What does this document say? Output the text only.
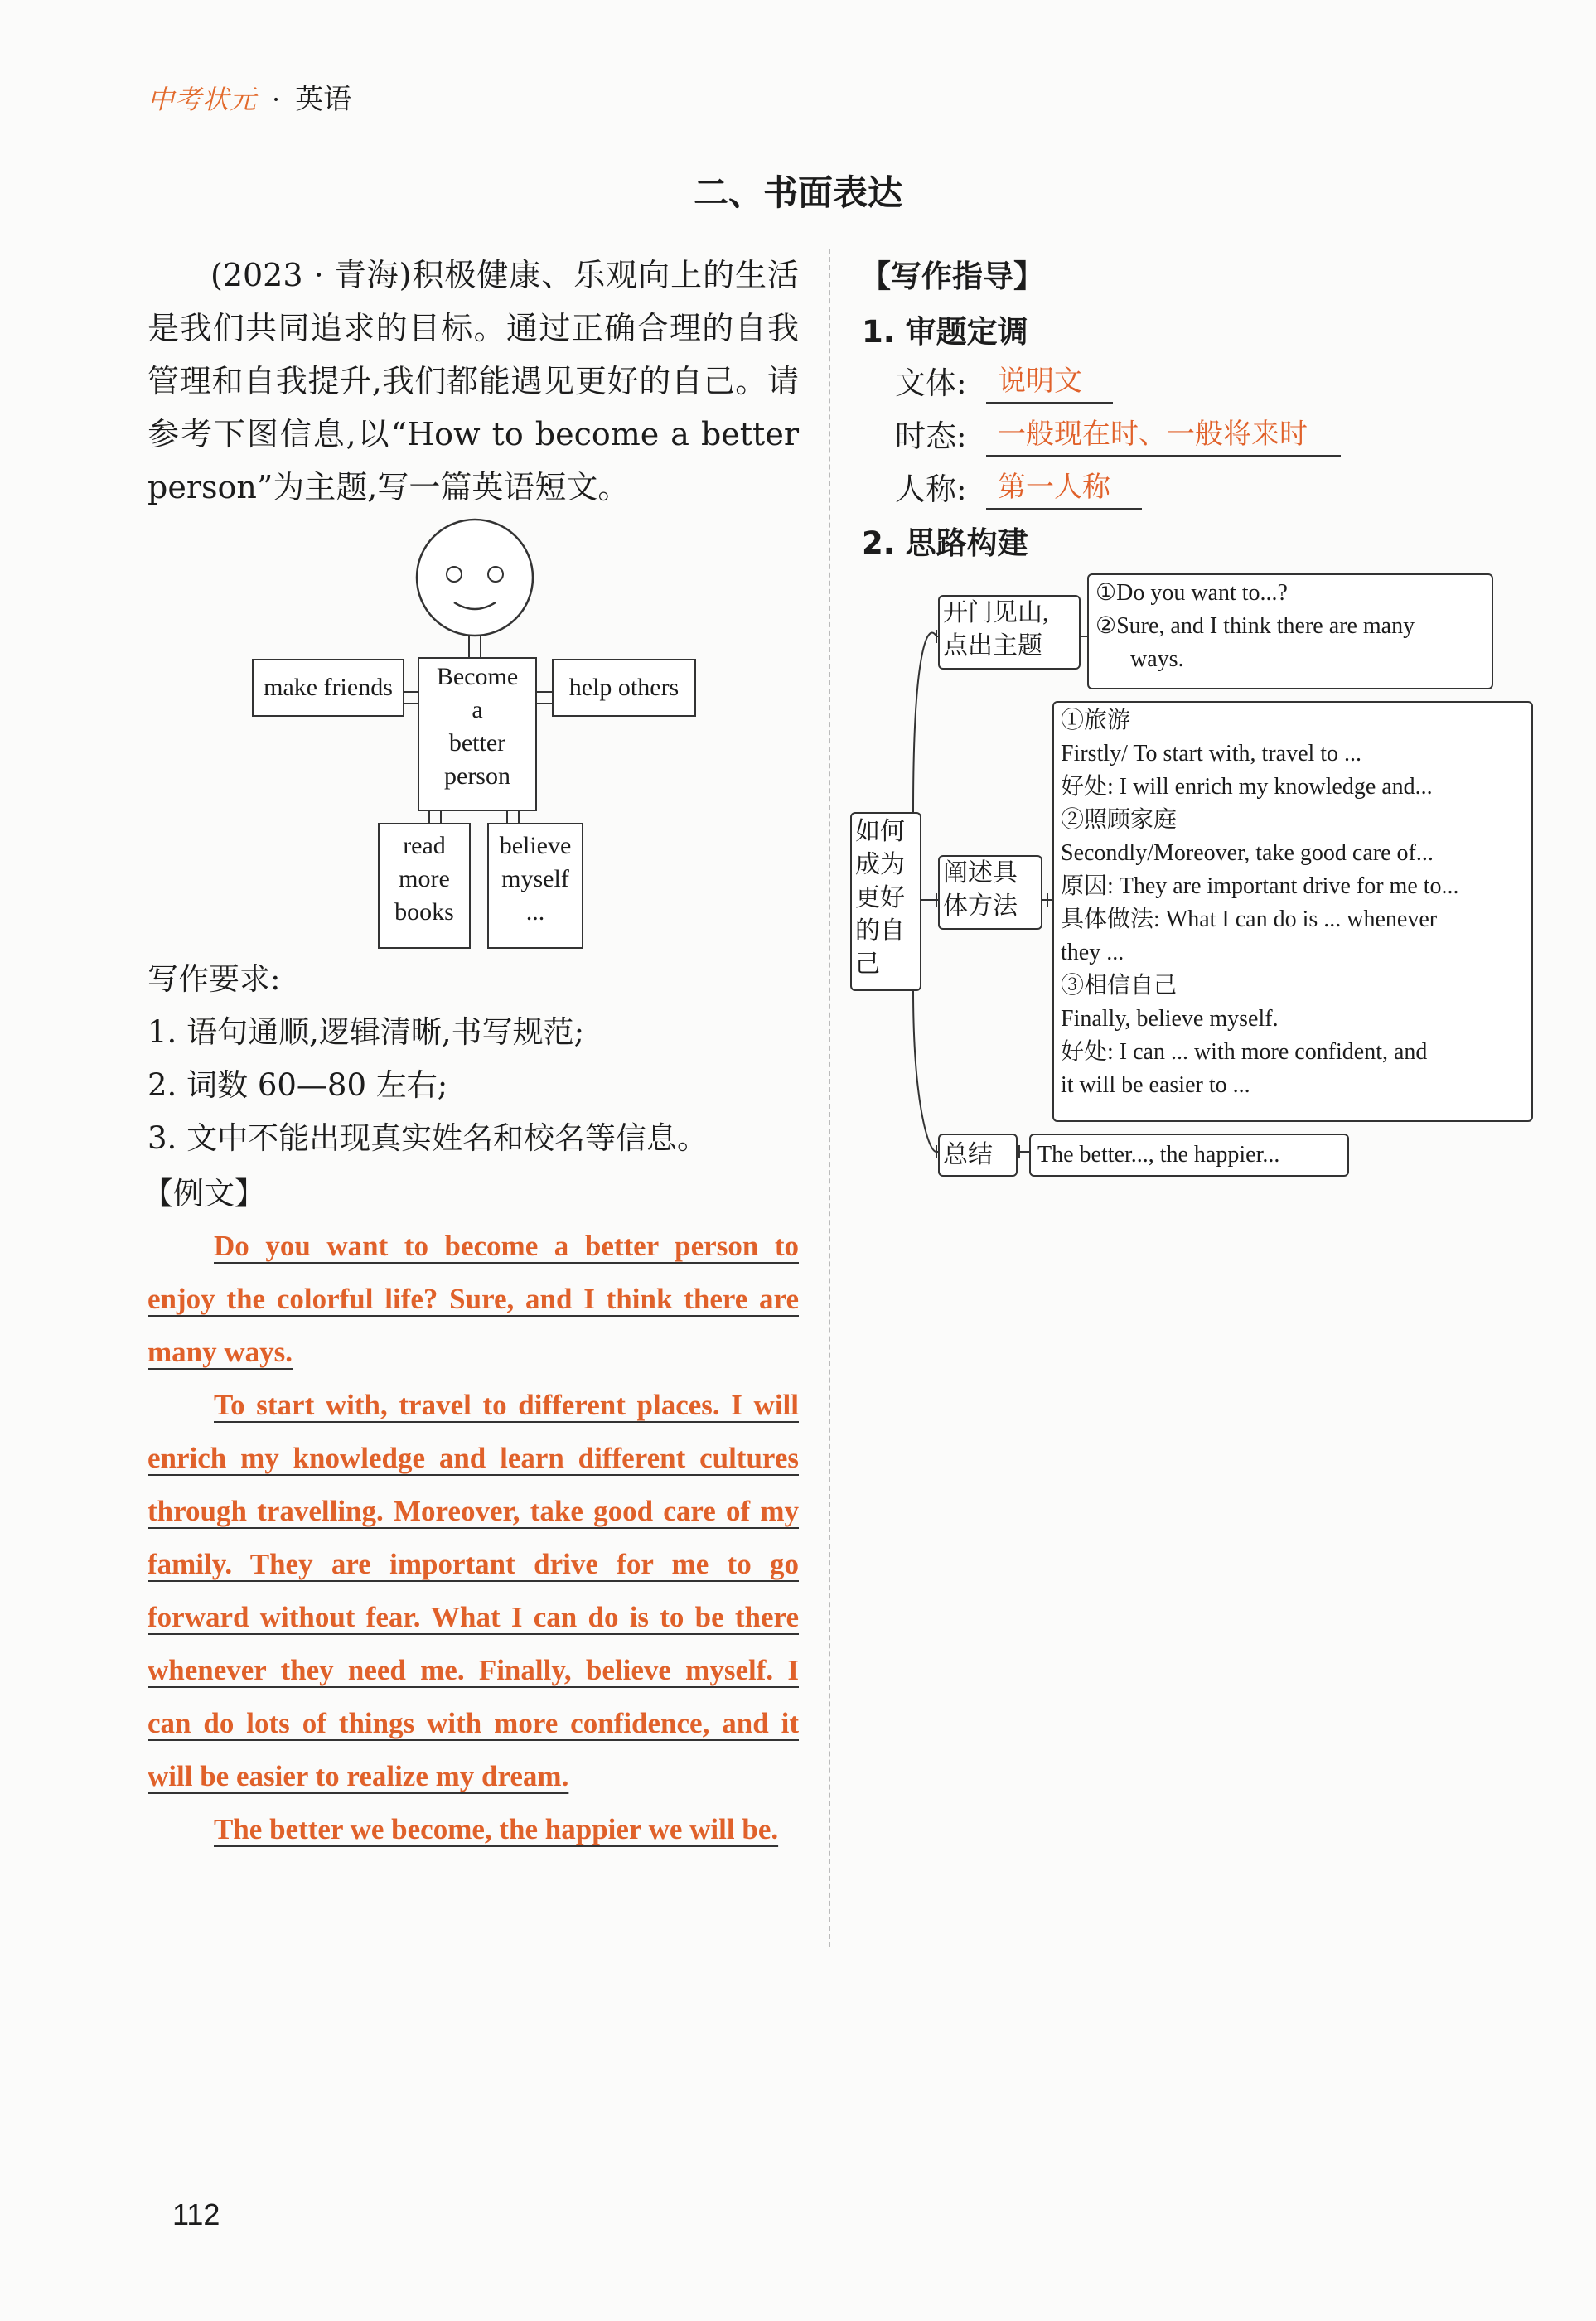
中考状元 · 英语
二、书面表达

(2023 · 青海)积极健康、乐观向上的生活是我们共同追求的目标。通过正确合理的自我管理和自我提升,我们都能遇见更好的自己。请参考下图信息,以“How to become a better person”为主题,写一篇英语短文。

make friends	Become
a
better
person
help others
read
more
books
believe
myself
...
写作要求:
1. 语句通顺,逻辑清晰,书写规范;
2. 词数 60—80 左右;
3. 文中不能出现真实姓名和校名等信息。
【例文】

Do you want to become a better person to enjoy the colorful life? Sure, and I think there are many ways.

To start with, travel to different places. I will enrich my knowledge and learn different cultures through travelling. Moreover, take good care of my family. They are important drive for me to go forward without fear. What I can do is to be there whenever they need me. Finally, believe myself. I can do lots of things with more confidence, and it will be easier to realize my dream.

The better we become, the happier we will be.

【写作指导】
1. 审题定调
文体:	说明文
时态:	一般现在时、一般将来时
人称:	第一人称
2. 思路构建
如何
成为
更好
的自
己
开门见山,
点出主题
①Do you want to...?
②Sure, and I think there are many
ways.
阐述具
体方法
①旅游
Firstly/ To start with, travel to ...
好处: I will enrich my knowledge and...
②照顾家庭
Secondly/Moreover, take good care of...
原因: They are important drive for me to...
具体做法: What I can do is ... whenever
they ...
③相信自己
Finally, believe myself.
好处: I can ... with more confident, and
it will be easier to ...
总结	The better..., the happier...
112
